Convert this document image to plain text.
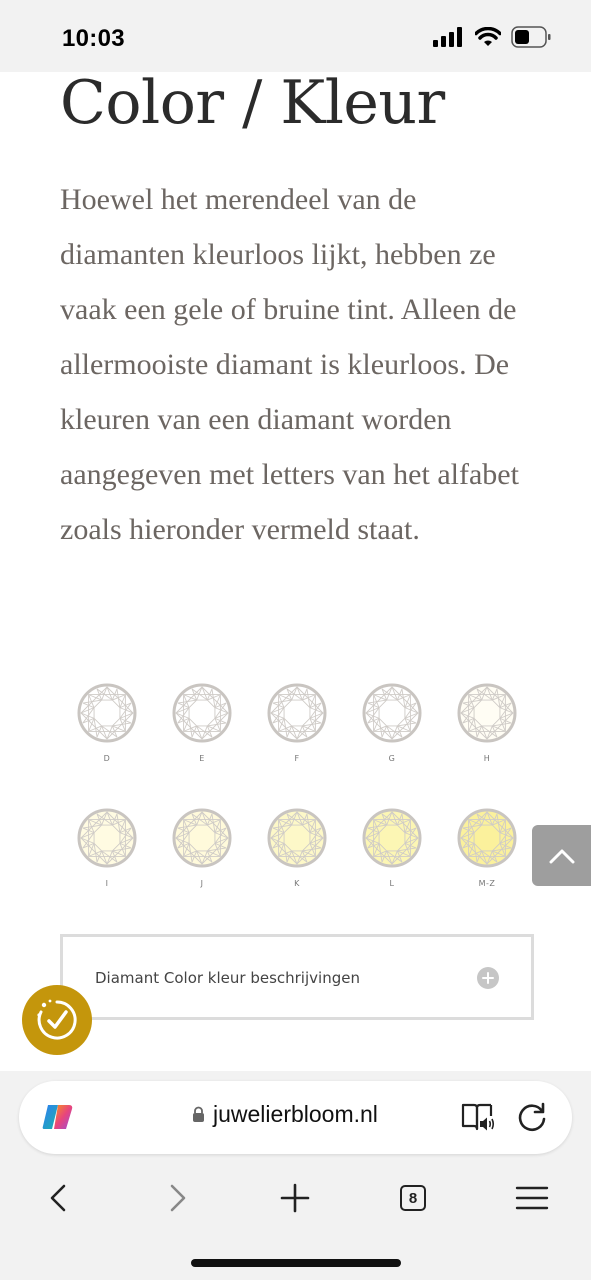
10:03
Color / Kleur
Hoewel het merendeel van de
diamanten kleurloos lijkt, hebben ze
vaak een gele of bruine tint. Alleen de
allermooiste diamant is kleurloos. De
kleuren van een diamant worden
aangegeven met letters van het alfabet
zoals hieronder vermeld staat.
D	E	F	G	H
I	J	K	L	M-Z
Diamant Color kleur beschrijvingen
juwelierbloom.nl
8
